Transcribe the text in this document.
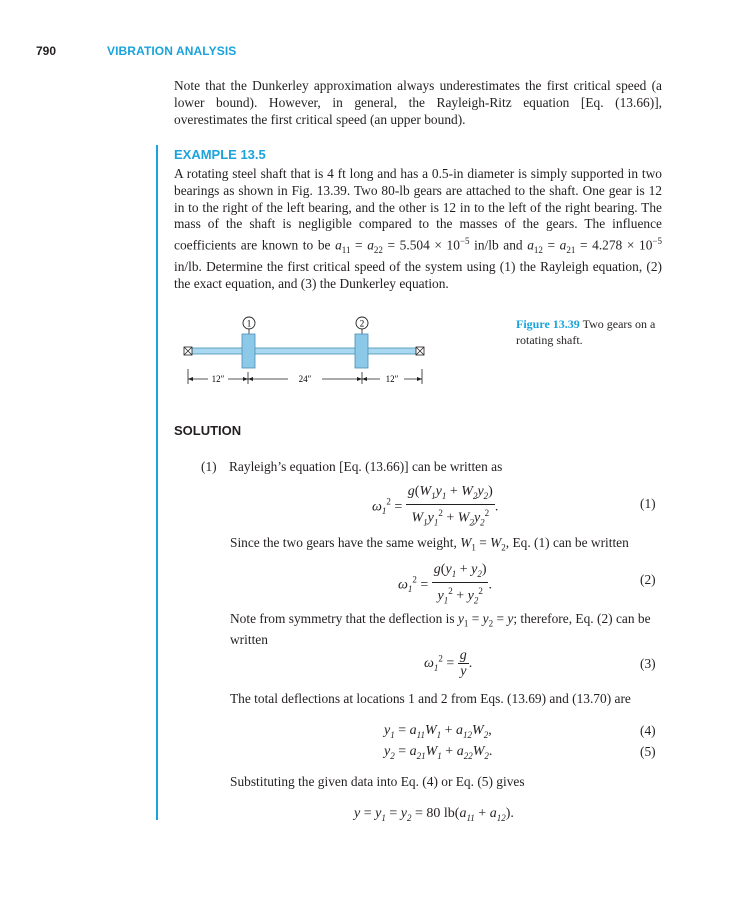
790	VIBRATION ANALYSIS
Note that the Dunkerley approximation always underestimates the first critical speed (a lower bound). However, in general, the Rayleigh-Ritz equation [Eq. (13.66)], overestimates the first critical speed (an upper bound).
EXAMPLE 13.5
A rotating steel shaft that is 4 ft long and has a 0.5-in diameter is simply supported in two bearings as shown in Fig. 13.39. Two 80-lb gears are attached to the shaft. One gear is 12 in to the right of the left bearing, and the other is 12 in to the left of the right bearing. The mass of the shaft is negligible compared to the masses of the gears. The influence coefficients are known to be $a_{11} = a_{22} = 5.504 \times 10^{-5}$ in/lb and $a_{12} = a_{21} = 4.278 \times 10^{-5}$ in/lb. Determine the first critical speed of the system using (1) the Rayleigh equation, (2) the exact equation, and (3) the Dunkerley equation.
1	2
12″	24″	12″
Figure 13.39 Two gears on a rotating shaft.
SOLUTION
(1) Rayleigh’s equation [Eq. (13.66)] can be written as
$\omega_1^2 = \frac{g(W_1y_1 + W_2y_2)}{W_1y_1^2 + W_2y_2^2}$ .	(1)
Since the two gears have the same weight, $W_1 = W_2$, Eq. (1) can be written
$\omega_1^2 = \frac{g(y_1 + y_2)}{y_1^2 + y_2^2}$ .	(2)
Note from symmetry that the deflection is $y_1 = y_2 = y$; therefore, Eq. (2) can be written
$\omega_1^2 = \frac{g}{y}$ .	(3)
The total deflections at locations 1 and 2 from Eqs. (13.69) and (13.70) are
$y_1 = a_{11}W_1 + a_{12}W_2$,	(4)
$y_2 = a_{21}W_1 + a_{22}W_2$.	(5)
Substituting the given data into Eq. (4) or Eq. (5) gives
$y = y_1 = y_2 = 80$ $lb(a_{11} + a_{12})$.
